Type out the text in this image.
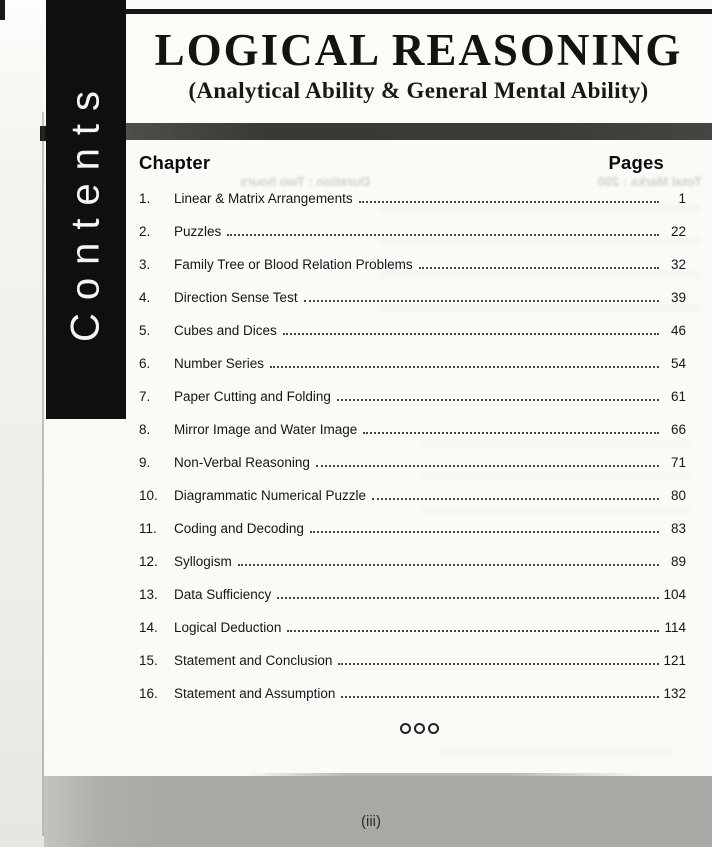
Total Marks : 200
Duration : Two hours
Contents
LOGICAL REASONING
(Analytical Ability & General Mental Ability)
Chapter	Pages
1.	Linear & Matrix Arrangements	1
2.	Puzzles	22
3.	Family Tree or Blood Relation Problems	32
4.	Direction Sense Test	39
5.	Cubes and Dices	46
6.	Number Series	54
7.	Paper Cutting and Folding	61
8.	Mirror Image and Water Image	66
9.	Non-Verbal Reasoning	71
10.	Diagrammatic Numerical Puzzle	80
11.	Coding and Decoding	83
12.	Syllogism	89
13.	Data Sufficiency	104
14.	Logical Deduction	114
15.	Statement and Conclusion	121
16.	Statement and Assumption	132
(iii)
